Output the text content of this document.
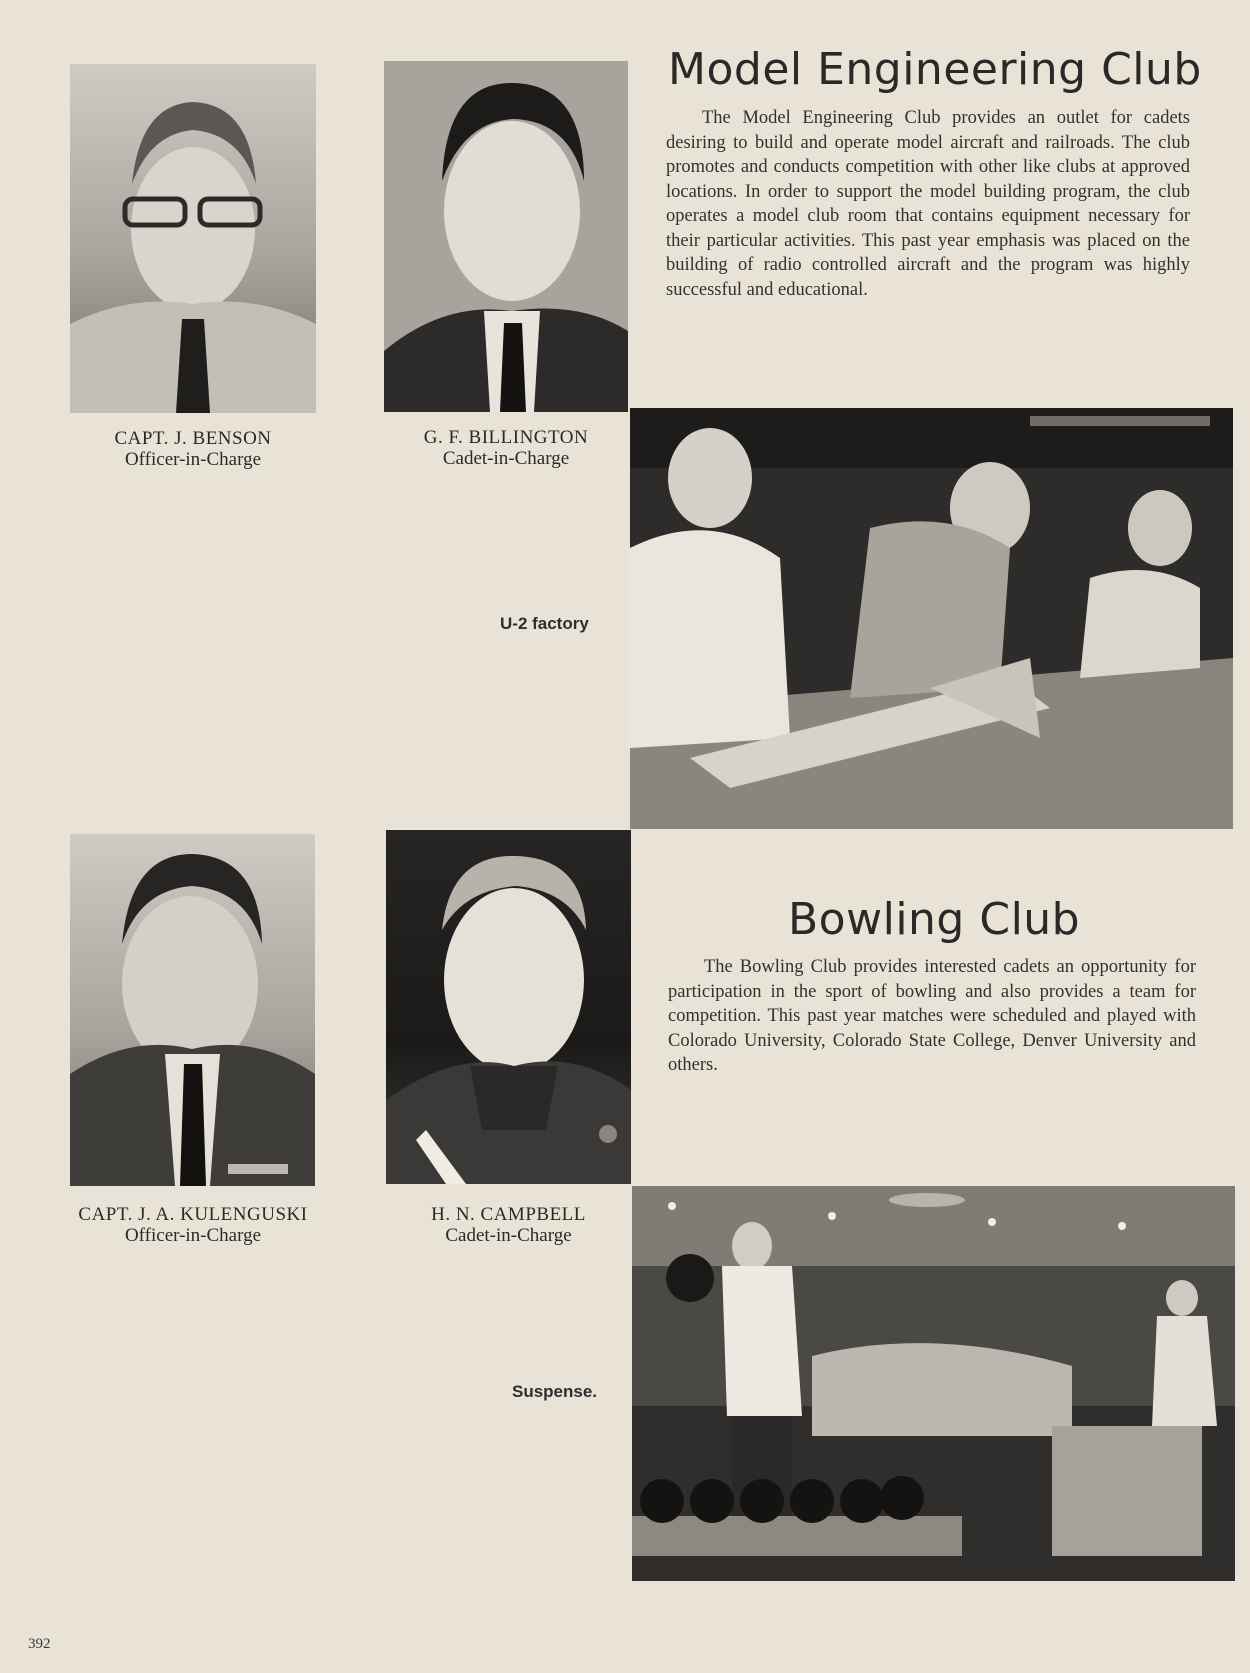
CAPT. J. BENSON
Officer-in-Charge
G. F. BILLINGTON
Cadet-in-Charge
Model Engineering Club
The Model Engineering Club provides an outlet for cadets desiring to build and operate model aircraft and railroads. The club promotes and conducts competition with other like clubs at approved locations. In order to support the model building program, the club operates a model club room that contains equipment necessary for their particular activities. This past year emphasis was placed on the building of radio controlled aircraft and the program was highly successful and educational.
U-2 factory
CAPT. J. A. KULENGUSKI
Officer-in-Charge
H. N. CAMPBELL
Cadet-in-Charge
Bowling Club
The Bowling Club provides interested cadets an opportunity for participation in the sport of bowling and also provides a team for competition. This past year matches were scheduled and played with Colorado University, Colorado State College, Denver University and others.
Suspense.
392
